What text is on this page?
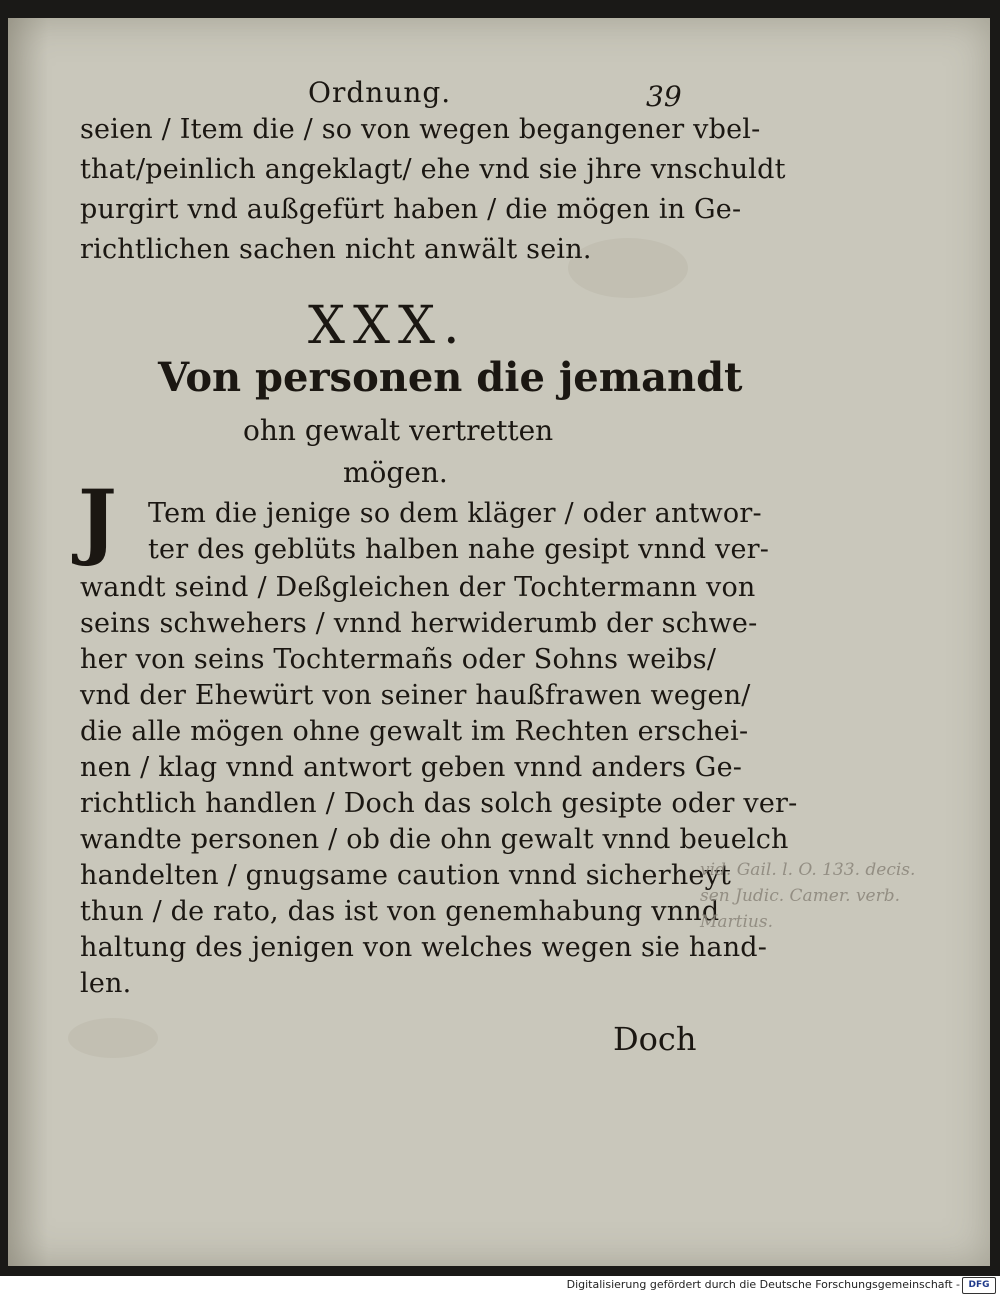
Ordnung.	39
seien / Item die / so von wegen begangener vbel-
that/peinlich angeklagt/ ehe vnd sie jhre vnschuldt
purgirt vnd außgefürt haben / die mögen in Ge-
richtlichen sachen nicht anwält sein.
XXX.
Von personen die jemandt
ohn gewalt vertretten
mögen.
J Tem die jenige so dem kläger / oder antwor-
ter des geblüts halben nahe gesipt vnnd ver-
wandt seind / Deßgleichen der Tochtermann von
seins schwehers / vnnd herwiderumb der schwe-
her von seins Tochtermañs oder Sohns weibs/
vnd der Ehewürt von seiner haußfrawen wegen/
die alle mögen ohne gewalt im Rechten erschei-
nen / klag vnnd antwort geben vnnd anders Ge-
richtlich handlen / Doch das solch gesipte oder ver-
wandte personen / ob die ohn gewalt vnnd beuelch
handelten / gnugsame caution vnnd sicherheyt
thun / de rato, das ist von genemhabung vnnd
haltung des jenigen von welches wegen sie hand-
len.
Doch
vid. Gail. l. O. 133. decis.
sen Judic. Camer. verb.
Martius.
Digitalisierung gefördert durch die Deutsche Forschungsgemeinschaft - DFG
